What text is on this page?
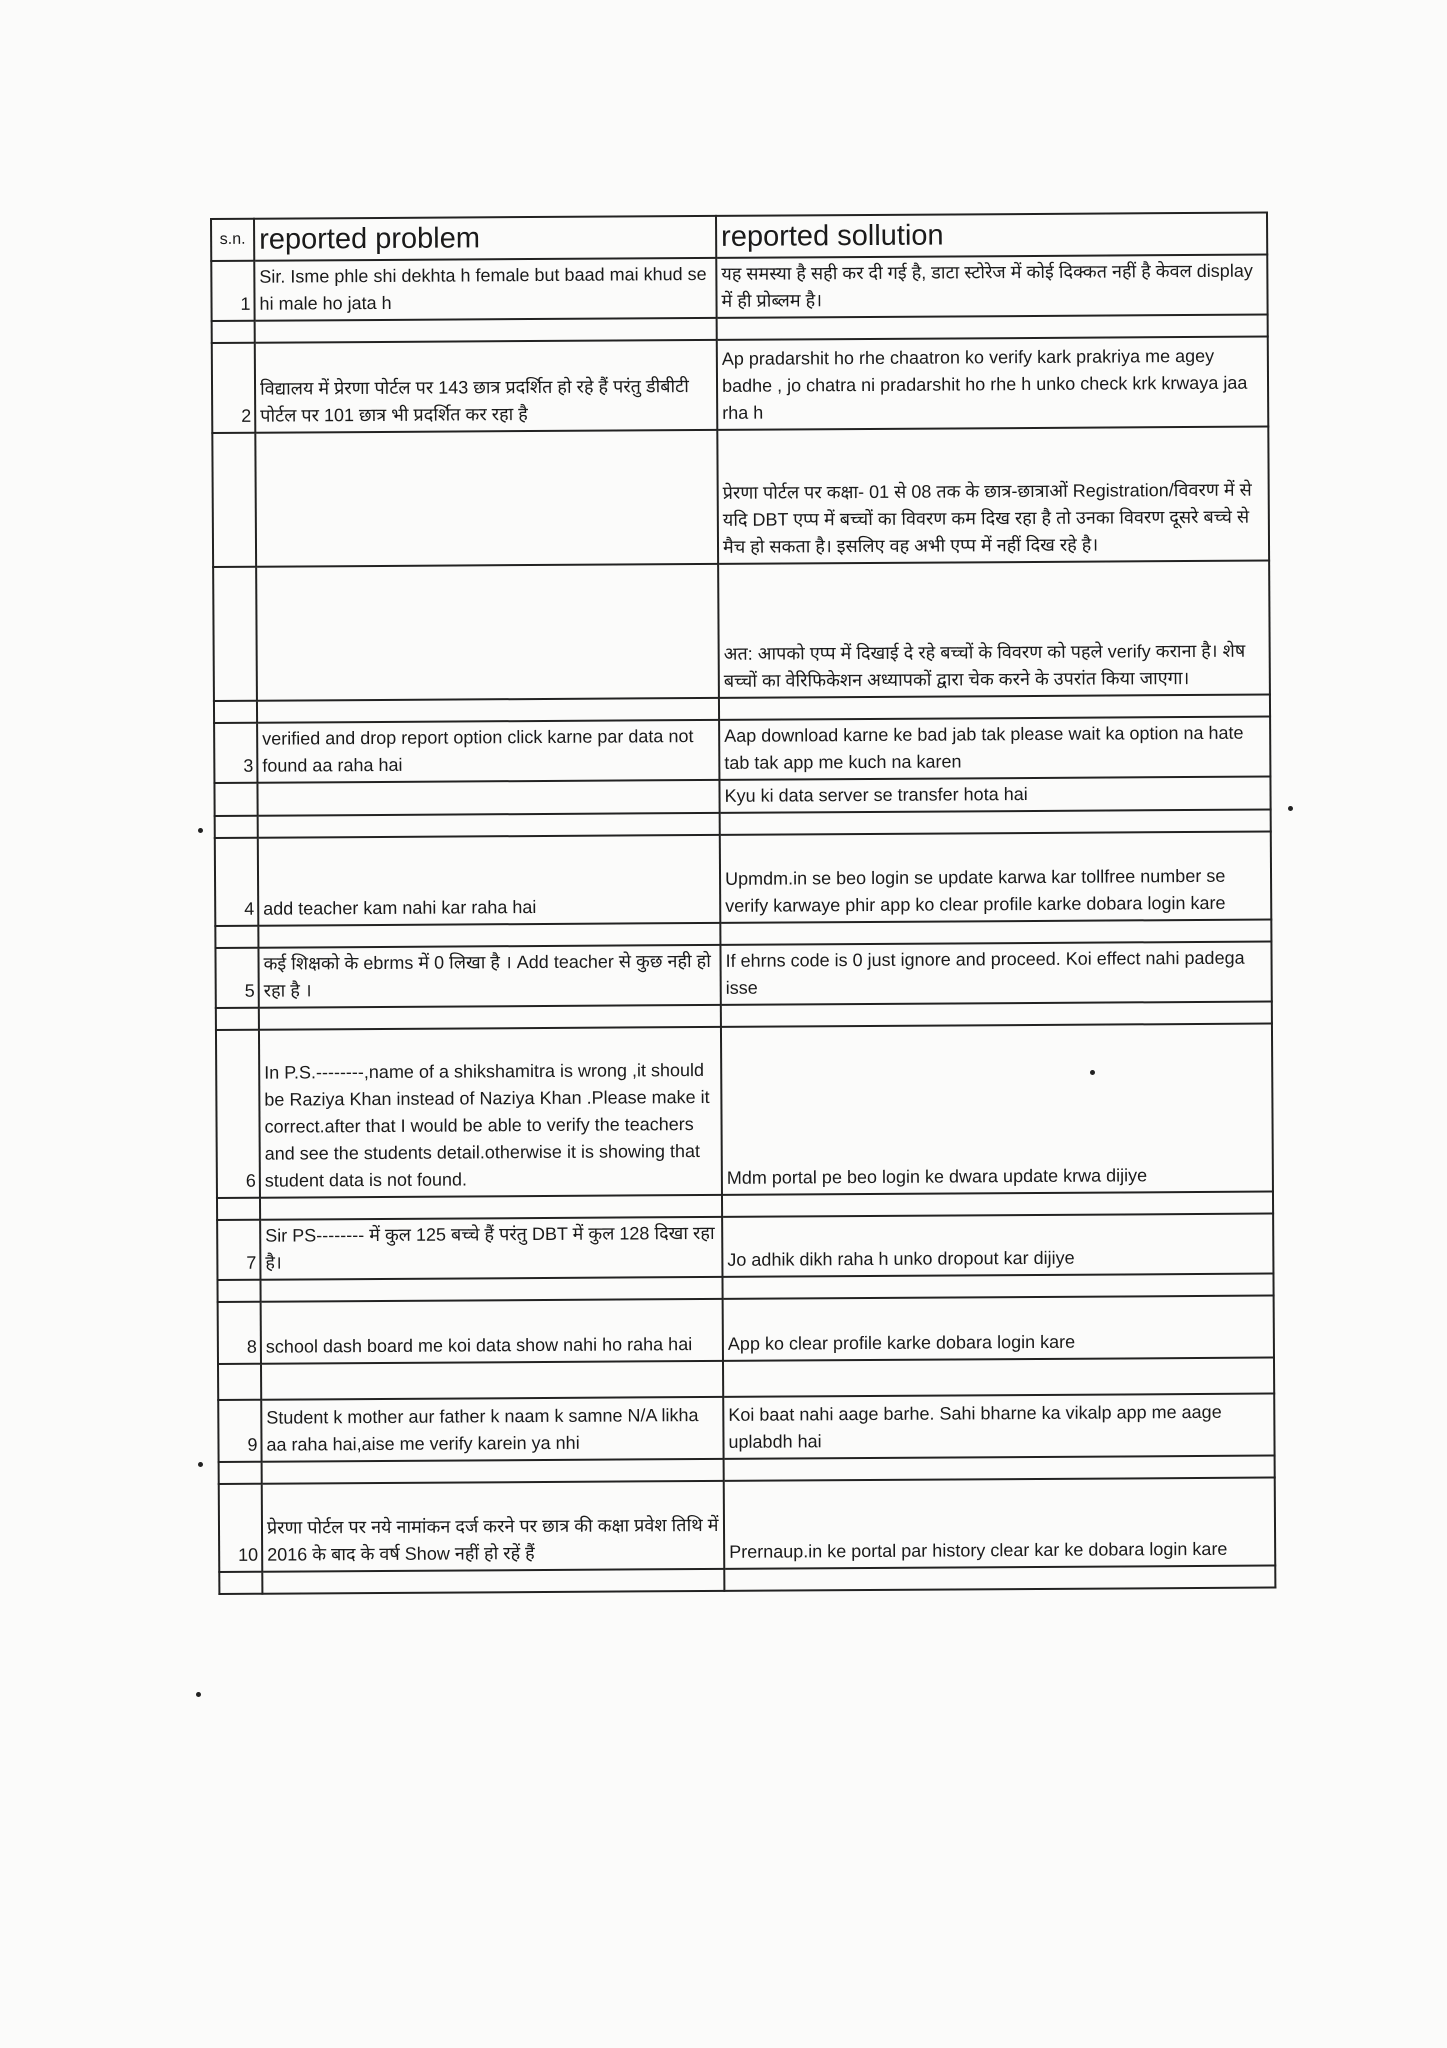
s.n.	reported problem	reported sollution
1	Sir. Isme phle shi dekhta h female but baad mai khud se hi male ho jata h	यह समस्या है सही कर दी गई है, डाटा स्टोरेज में कोई दिक्कत नहीं है केवल display में ही प्रोब्लम है।

2	विद्यालय में प्रेरणा पोर्टल पर 143 छात्र प्रदर्शित हो रहे हैं परंतु डीबीटी पोर्टल पर 101 छात्र भी प्रदर्शित कर रहा है	Ap pradarshit ho rhe chaatron ko verify kark prakriya me agey badhe , jo chatra ni pradarshit ho rhe h unko check krk krwaya jaa rha h
		प्रेरणा पोर्टल पर कक्षा- 01 से 08 तक के छात्र-छात्राओं Registration/विवरण में से यदि DBT एप्प में बच्चों का विवरण कम दिख रहा है तो उनका विवरण दूसरे बच्चे से मैच हो सकता है। इसलिए वह अभी एप्प में नहीं दिख रहे है।
		अत: आपको एप्प में दिखाई दे रहे बच्चों के विवरण को पहले verify कराना है। शेष बच्चों का वेरिफिकेशन अध्यापकों द्वारा चेक करने के उपरांत किया जाएगा।

3	verified and drop report option click karne par data not found aa raha hai	Aap download karne ke bad jab tak please wait ka option na hate tab tak app me kuch na karen
		Kyu ki data server se transfer hota hai

4	add teacher kam nahi kar raha hai	Upmdm.in se beo login se update karwa kar tollfree number se verify karwaye phir app ko clear profile karke dobara login kare

5	कई शिक्षको के ebrms में 0 लिखा है । Add teacher से कुछ नही हो रहा है ।	If ehrns code is 0 just ignore and proceed. Koi effect nahi padega isse

6	In P.S.--------,name of a shikshamitra is wrong ,it should be Raziya Khan instead of Naziya Khan .Please make it correct.after that I would be able to verify the teachers and see the students detail.otherwise it is showing that student data is not found.	Mdm portal pe beo login ke dwara update krwa dijiye

7	Sir PS-------- में कुल 125 बच्चे हैं परंतु DBT में कुल 128 दिखा रहा है।	Jo adhik dikh raha h unko dropout kar dijiye

8	school dash board me koi data show nahi ho raha hai	App ko clear profile karke dobara login kare

9	Student k mother aur father k naam k samne N/A likha aa raha hai,aise me verify karein ya nhi	Koi baat nahi aage barhe. Sahi bharne ka vikalp app me aage uplabdh hai

10	प्रेरणा पोर्टल पर नये नामांकन दर्ज करने पर छात्र की कक्षा प्रवेश तिथि में 2016 के बाद के वर्ष Show नहीं हो रहें हैं	Prernaup.in ke portal par history clear kar ke dobara login kare
